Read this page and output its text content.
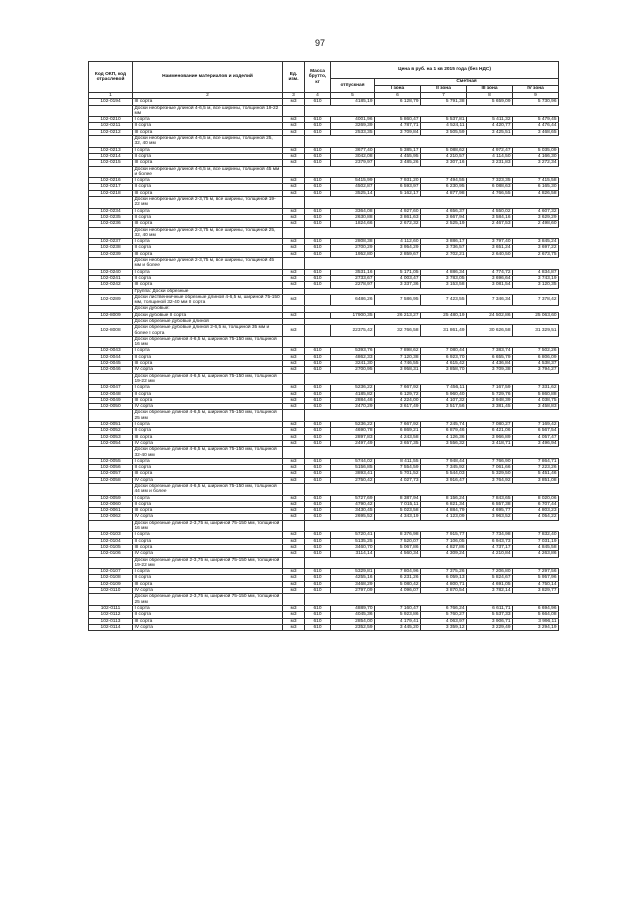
97
Код ОКП, код отраслевой	Наименование материалов и изделий	Ед. изм.	Масса брутто, кг	Цена в руб. на 1 кв 2015 года (без НДС)				
				отпускная	Сметная			
					I зона	II зона	III зона	IV зона
1	2	3	4	5	6	7	8	9
102-0194	III сорта	м3	610	4185,19	6 128,79	5 791,38	5 659,09	5 730,96
	Доски необрезные длиной 4-6,5 м, все ширины, толщиной 19-22 мм							
102-0210	I сорта	м3	610	4001,96	5 860,47	5 537,81	5 411,32	5 479,45
102-0211	II сорта	м3	610	3269,39	4 787,71	4 524,11	4 420,77	4 476,44
102-0212	III сорта	м3	610	2533,35	3 709,84	3 505,59	3 425,51	3 468,65
	Доски необрезные длиной 4-6,5 м, все ширины, толщиной 25, 32, 40 мм							
102-0213	I сорта	м3	610	3677,40	5 385,17	5 088,62	4 972,47	5 035,09
102-0214	II сорта	м3	610	3042,08	4 455,95	4 210,57	4 114,50	4 166,30
102-0215	III сорта	м3	610	2379,97	3 485,26	3 307,16	3 231,83	3 272,34
	Доски необрезные длиной 4-6,5 м, все ширины, толщиной 45 мм и более							
102-0216	I сорта	м3	610	5415,99	7 931,20	7 494,55	7 323,35	7 415,58
102-0217	II сорта	м3	610	4502,87	6 593,97	6 230,95	6 088,63	6 165,30
102-0218	III сорта	м3	610	3525,14	5 162,17	4 877,98	4 766,55	4 826,58
	Доски необрезные длиной 2-3,75 м, все ширины, толщиной 19-22 мм							
102-0234	I сорта	м3	610	3364,08	4 927,60	4 656,37	4 550,02	4 607,32
102-0235	II сорта	м3	610	2630,88	3 861,63	3 667,94	3 584,16	3 629,29
102-0236	III сорта	м3	610	1824,66	2 672,32	2 525,19	2 467,53	2 498,60
	Доски необрезные длиной 2-3,75 м, все ширины, толщиной 25, 32, 40 мм							
102-0237	I сорта	м3	610	2808,38	4 112,60	3 886,17	3 797,40	3 845,24
102-0238	II сорта	м3	610	2700,29	3 954,29	3 736,57	3 651,24	3 697,22
102-0239	III сорта	м3	610	1952,80	2 859,67	2 702,21	2 640,50	2 673,75
	Доски необрезные длиной 2-3,75 м, все ширины, толщиной 45 мм и более							
102-0240	I сорта	м3	610	3531,16	5 171,05	4 886,34	4 774,72	4 834,87
102-0241	II сорта	м3	610	2733,67	4 003,47	3 783,05	3 696,64	3 743,19
102-0242	III сорта	м3	610	2278,97	3 337,36	3 153,58	3 081,54	3 120,35
	Группа: Доски обрезные							
102-0289	Доски лиственничные обрезные длиной 4-6,5 м, шириной 75-150 мм, толщиной 32-40 мм II сорта	м3		6486,26	7 586,95	7 423,55	7 346,34	7 378,42
	Доски дубовые:							
102-8009	Доски дубовые II сорта	м3		17900,35	26 213,27	25 480,19	24 502,86	25 063,60
	Доски обрезные дубовые длиной							
102-8008	Доски обрезные дубовые длиной 2-6,5 м, толщиной 35 мм и более I сорта	м3		22375,42	32 766,58	31 861,49	30 626,58	31 329,51
	Доски обрезные длиной 4-6,5 м, шириной 75-150 мм, толщиной 16 мм							
102-0043	I сорта	м3	610	5393,76	7 898,62	7 080,44	7 383,74	7 502,26
102-0044	II сорта	м3	610	4862,33	7 120,38	6 923,70	6 655,79	6 806,09
102-0045	III сорта	м3	610	3241,30	4 746,55	4 615,42	4 436,84	4 538,37
102-0046	IV сорта	м3	610	2700,95	3 958,31	3 858,70	3 709,38	3 794,27
	Доски обрезные длиной 4-6,5 м, шириной 75-150 мм, толщиной 19-22 мм							
102-0047	I сорта	м3	610	5236,22	7 667,92	7 456,11	7 167,59	7 331,62
102-0048	II сорта	м3	610	4185,82	6 129,72	5 960,40	5 729,76	5 860,88
102-0049	III сорта	м3	610	2884,46	4 224,00	4 107,32	3 948,39	4 038,75
102-0050	IV сорта	м3	610	2470,29	3 617,49	3 517,56	3 381,45	3 458,83
	Доски обрезные длиной 4-6,5 м, шириной 75-150 мм, толщиной 25 мм							
102-0051	I сорта	м3	610	5236,22	7 667,92	7 245,74	7 080,27	7 169,42
102-0052	II сорта	м3	610	4690,78	6 869,21	6 879,46	6 421,06	6 567,54
102-0053	III сорта	м3	610	2897,83	4 243,58	4 126,36	3 966,89	4 057,47
102-0054	IV сорта	м3	610	2497,49	3 657,35	3 556,32	3 418,71	3 496,94
	Доски обрезные длиной 4-6,5 м, шириной 75-150 мм, толщиной 32-40 мм							
102-0055	I сорта	м3	610	5744,02	8 411,55	7 948,44	7 766,90	7 864,71
102-0056	II сорта	м3	610	5156,85	7 554,59	7 345,92	7 061,66	7 223,26
102-0057	III сорта	м3	610	3893,41	5 701,52	5 544,03	5 329,50	5 451,46
102-0058	IV сорта	м3	610	2750,42	4 027,73	3 916,47	3 764,92	3 851,08
	Доски обрезные длиной 4-6,5 м, шириной 75-150 мм, толщиной 44 мм и более							
102-0059	I сорта	м3	610	5727,69	8 387,94	8 156,24	7 843,65	8 020,06
102-0060	II сорта	м3	610	4790,42	7 015,11	6 821,34	6 557,38	6 707,44
102-0061	III сорта	м3	610	3430,45	5 023,58	4 884,79	4 695,77	4 803,23
102-0062	IV сорта	м3	610	2695,52	4 343,19	4 123,09	3 963,52	4 054,22
	Доски обрезные длиной 2-3,75 м, шириной 75-150 мм, толщиной 16 мм							
102-0103	I сорта	м3	610	5720,41	8 376,98	7 915,77	7 734,98	7 832,40
102-0104	II сорта	м3	610	5135,25	7 520,07	7 106,05	6 943,73	7 031,19
102-0105	III сорта	м3	610	3460,70	5 067,86	4 827,86	4 737,17	4 845,58
102-0106	IV сорта	м3	610	3114,14	4 560,34	4 309,24	4 210,84	4 263,86
	Доски обрезные длиной 2-3,75 м, шириной 75-150 мм, толщиной 19-22 мм							
102-0107	I сорта	м3	610	5329,81	7 804,96	7 375,26	7 206,80	7 297,56
102-0108	II сорта	м3	610	4255,16	6 231,26	6 059,13	5 824,67	5 957,96
102-0109	III сорта	м3	610	3468,29	5 080,42	4 800,71	4 691,05	4 750,14
102-0110	IV сорта	м3	610	2797,09	4 096,07	3 870,54	3 782,14	3 829,77
	Доски обрезные длиной 2-3,75 м, шириной 75-150 мм, толщиной 25 мм							
102-0111	I сорта	м3	610	4889,70	7 160,47	6 766,24	6 611,71	6 694,96
102-0112	II сорта	м3	610	4045,36	5 923,86	5 760,27	5 537,33	5 664,08
102-0113	III сорта	м3	610	2854,00	4 179,41	4 063,97	3 906,71	3 996,11
102-0114	IV сорта	м3	610	2352,59	3 445,20	3 359,12	3 229,49	3 294,19
